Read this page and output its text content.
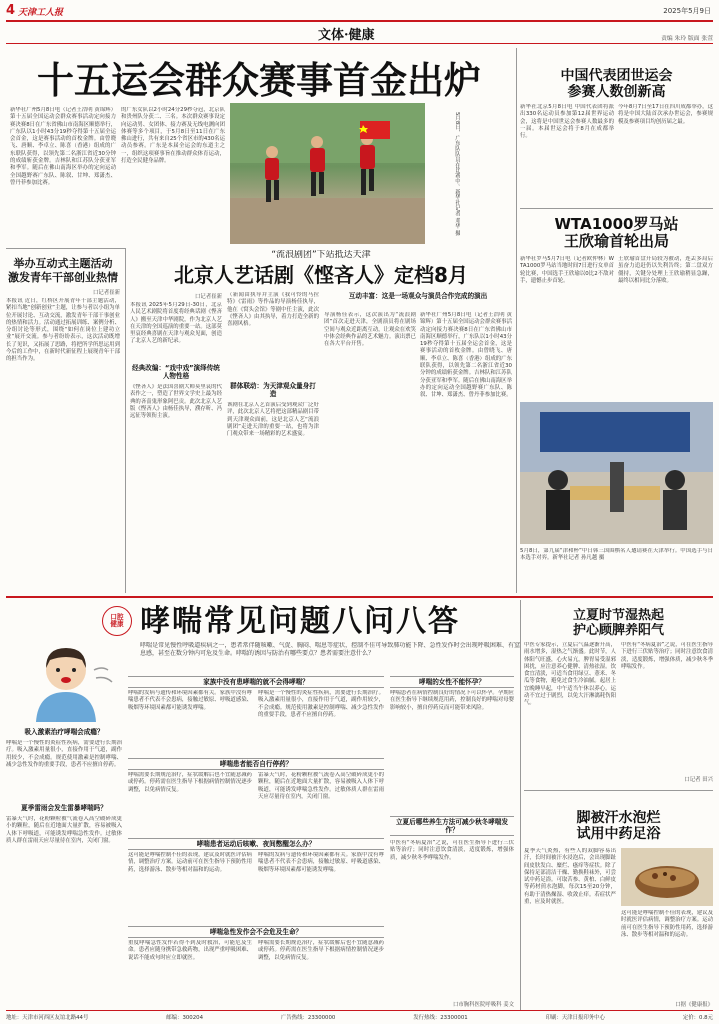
4 天津工人报	2025年5月9日
文体·健康	责编 朱玲 版面 张萱
十五运会群众赛事首金出炉
新华社广州5月8日电（记者王浩明 黄锦辉）第十五届全国运动会群众赛事活动定向接力赛决赛8日在广东省佛山市南海区顺德举行，广东队以1小时43分19秒夺得第十五届全运会首金，这是赛事活动的首枚金牌。由曾晓飞、唐顺、李卓立、陈喜（香港）组成的广东联队获得，以领先第二名浙江省近30分钟的成绩斩获金牌。吉林队和江苏队分获亚军和季军。随后在佛山南海区举办的定向运动全国越野赛广东队、陈叙、甘坤、郑潇杰、曾丹菲参加比赛。
的广东女队以2小时24分29秒夺冠，北京队和贵州队分获二、三名。本次群众赛事设定向运动男、女团体、接力赛及无线电测向团体赛等多个项目，于5月8日至11日在广东佛山进行，共有来自25个省区市的430名运动员参赛。广东是本届全运会的东道主之一，组织这项赛事旨在推动群众体育运动，打造全民健身品牌。	5月8日，广东队队员在比赛中。新华社记者 邓华 摄
中国代表团世运会
参赛人数创新高
新华社北京5月8日电 中国代表团将派出330名运动员参加第12届世界运动会，这将是中国世运会参赛人数最多的一届。本届世运会将于8月在成都举行。
今年8月7日至17日在四川成都举办，这将是中国大陆首次承办世运会，参赛规模及参赛项目均创历届之最。
WTA1000罗马站
王欣瑜首轮出局
新华社罗马5月7日电（记者欧仲林）WTA1000罗马站当地时间7日进行女单首轮比赛，中国选手王欣瑜以0比2不敌对手，遗憾止步首轮。
王欣瑜首盘开局较为被动，连丢多局后虽奋力追赶仍以失利告终；第二盘双方僵持，关键分处理上王欣瑜稍显急躁，最终以相同比分落败。
5月8日，第九届“津和杯”中日韩三国围棋名人邀请赛在天津举行。中国选手与日本选手对弈。新华社记者 孙凡越 摄
举办互动式主题活动
激发青年干部创业热情
口记者崔新
本报讯 近日，红桥区开展青年干部主题活动，紧扣当地“创新创业”主题，让参与者以小组为单位开展讨论、互动交流，激发青年干部干事创业的热情和活力。活动通过拓展训练、案例分析、分组讨论等形式，围绕“如何在岗位上建功立业”展开交流。参与者纷纷表示，这次活动既增长了见识，又拓展了思路，将把所学所思运用到今后的工作中，在新时代新征程上展现青年干部的担当作为。
“流浪剧团”下站抵达天津
北京人艺话剧《悭吝人》定档8月
口记者崔新
本报讯 2025年5月29日-30日，北京人民艺术剧院将首度将经典话剧《悭吝人》搬至天津中华剧院，作为北京人艺在天津的全国巡演的重要一站。这部莫里哀经典喜剧在天津与观众见面，创造了北京人艺的新纪录。
经典改编：“戏中戏”演绎传统人物性格
《悭吝人》是法国喜剧大师莫里哀的代表作之一，塑造了世界文学史上最为经典的吝啬鬼形象阿巴贡。此次北京人艺版《悭吝人》由杨佳执导，濮存昕、冯远征等领衔主演。
（新闻由执导并主演《我可怜的马拉特》《雷雨》等作品的导演杨佳执导，他在《窝头会馆》等剧中任主演，此次《悭吝人》由其执导，着力打造全新的喜剧风格。
群体联动：为天津观众量身打造
该剧在北京人艺首演后受到观众广泛好评，此次北京人艺将把这部精品剧目带到天津观众面前，这是北京人艺“流浪剧团”走进天津的重要一站，也将为津门观众带来一场精彩的艺术盛宴。
互动丰富：这是一场观众与演员合作完成的演出
导演杨佳表示，这次演出为“流浪剧团”首次走进天津，全剧演员将在剧场空间与观众近距离互动，让观众在欢笑中体会经典作品的艺术魅力。演出票已在各大平台开售。
新华社广州5月8日电（记者王浩明 黄锦辉）第十五届全国运动会群众赛事活动定向接力赛决赛8日在广东省佛山市南海区顺德举行，广东队以1小时43分19秒夺得第十五届全运会首金，这是赛事活动的首枚金牌。由曾晓飞、唐顺、李卓立、陈喜（香港）组成的广东联队获得，以领先第二名浙江省近30分钟的成绩斩获金牌。吉林队和江苏队分获亚军和季军。随后在佛山南海区举办的定向运动全国越野赛广东队、陈叙、甘坤、郑潇杰、曾丹菲参加比赛。
口腔健康 哮喘常见问题八问八答
哮喘是常见慢性呼吸道疾病之一，患者常伴随咳嗽、气促、胸闷、喘息等症状，控制不佳可导致肺功能下降、急性发作时会出现呼吸困难、有窒息感，甚至在数分钟内可危及生命。哮喘的诱因与防治有哪些要点？患者需要注意什么？
吸入激素治疗哮喘会成瘾？
哮喘是一个慢性的炎症性疾病，需要进行长期治疗。吸入激素用量很小，直接作用于气道，副作用较少，不会成瘾。规范使用激素是控制哮喘、减少急性发作的重要手段，患者不应擅自停药。
夏季雷雨会发生雷暴哮喘吗？
雷暴天气时，花粉颗粒被气流卷入高空破碎成更小的颗粒，随后在近地面大量扩散，容易被吸入人体下呼吸道，可能诱发哮喘急性发作。过敏体质人群在雷雨天应尽量待在室内，关闭门窗。
家族中没有患哮喘的就不会得哮喘？
哮喘的发病与遗传和环境因素都有关。家族中没有哮喘患者不代表不会患病，接触过敏原、呼吸道感染、吸烟等环境因素都可能诱发哮喘。
哮喘是一个慢性的炎症性疾病，需要进行长期治疗。吸入激素用量很小，直接作用于气道，副作用较少，不会成瘾。规范使用激素是控制哮喘、减少急性发作的重要手段，患者不应擅自停药。
哮喘患者能否自行停药？
哮喘需要长期规范治疗，症状缓解后也不宜随意减药或停药。停药需在医生指导下根据病情控制情况逐步调整，以免病情反复。
雷暴天气时，花粉颗粒被气流卷入高空破碎成更小的颗粒，随后在近地面大量扩散，容易被吸入人体下呼吸道，可能诱发哮喘急性发作。过敏体质人群在雷雨天应尽量待在室内，关闭门窗。
哮喘患者运动后咳嗽、夜间憋醒怎么办？
这可能是哮喘控制不佳的表现，建议及时就医评估病情，调整治疗方案。运动前可在医生指导下预防性用药，选择游泳、散步等相对温和的运动。
哮喘的发病与遗传和环境因素都有关。家族中没有哮喘患者不代表不会患病，接触过敏原、呼吸道感染、吸烟等环境因素都可能诱发哮喘。
哮喘急性发作会不会危及生命？
重度哮喘急性发作若得不到及时救治，可能危及生命。患者应随身携带急救药物，出现严重呼吸困难、说话不能成句时应立即就医。
哮喘需要长期规范治疗，症状缓解后也不宜随意减药或停药。停药需在医生指导下根据病情控制情况逐步调整，以免病情反复。
哮喘的女性不能怀孕？
哮喘患者在病情控制良好的情况下可以怀孕。孕期应在医生指导下继续规范用药，控制良好的哮喘对母婴影响较小，擅自停药反而可能带来风险。
立夏后哪些养生方法可减少秋冬哮喘发作？
中医有“冬病夏治”之说，可在医生指导下进行三伏贴等治疗；同时注意饮食清淡，适度锻炼，增强体质，减少秋冬季哮喘发作。
口市胸科医院呼吸科 姜文
立夏时节湿热起
护心顾脾养阳气
中医专家提示，立夏后气温逐渐升高，雨水增多，湿热之气渐盛。此时节，人体阳气旺盛，心火易亢，脾胃易受湿邪困扰，应注意养心健脾、清热祛湿。饮食宜清淡，可适当食用绿豆、薏米、冬瓜等食物，避免过食生冷油腻。起居上宜晚睡早起，中午适当午休以养心。运动不宜过于剧烈，以免大汗淋漓耗伤阳气。
中医有“冬病夏治”之说，可在医生指导下进行三伏贴等治疗；同时注意饮食清淡，适度锻炼，增强体质，减少秋冬季哮喘发作。
口记者 田兴
脚被汗水泡烂
试用中药足浴
夏季天气炎热，有些人的双脚容易出汗，长时间被汗水浸泡后，会出现脚趾间皮肤发白、糜烂、瘙痒等症状。除了保持足部清洁干燥、勤换鞋袜外，可尝试中药足浴。可取苦参、黄柏、白鲜皮等药材煎水泡脚，每次15至20分钟，有助于清热燥湿、收敛止痒。若症状严重，应及时就医。
这可能是哮喘控制不佳的表现，建议及时就医评估病情，调整治疗方案。运动前可在医生指导下预防性用药，选择游泳、散步等相对温和的运动。
口据《健康报》
地址：天津市河西区友谊北路44号	邮编：300204	广告热线：23300000	发行热线：23300001	印刷：天津日报印务中心	定价：0.8元
